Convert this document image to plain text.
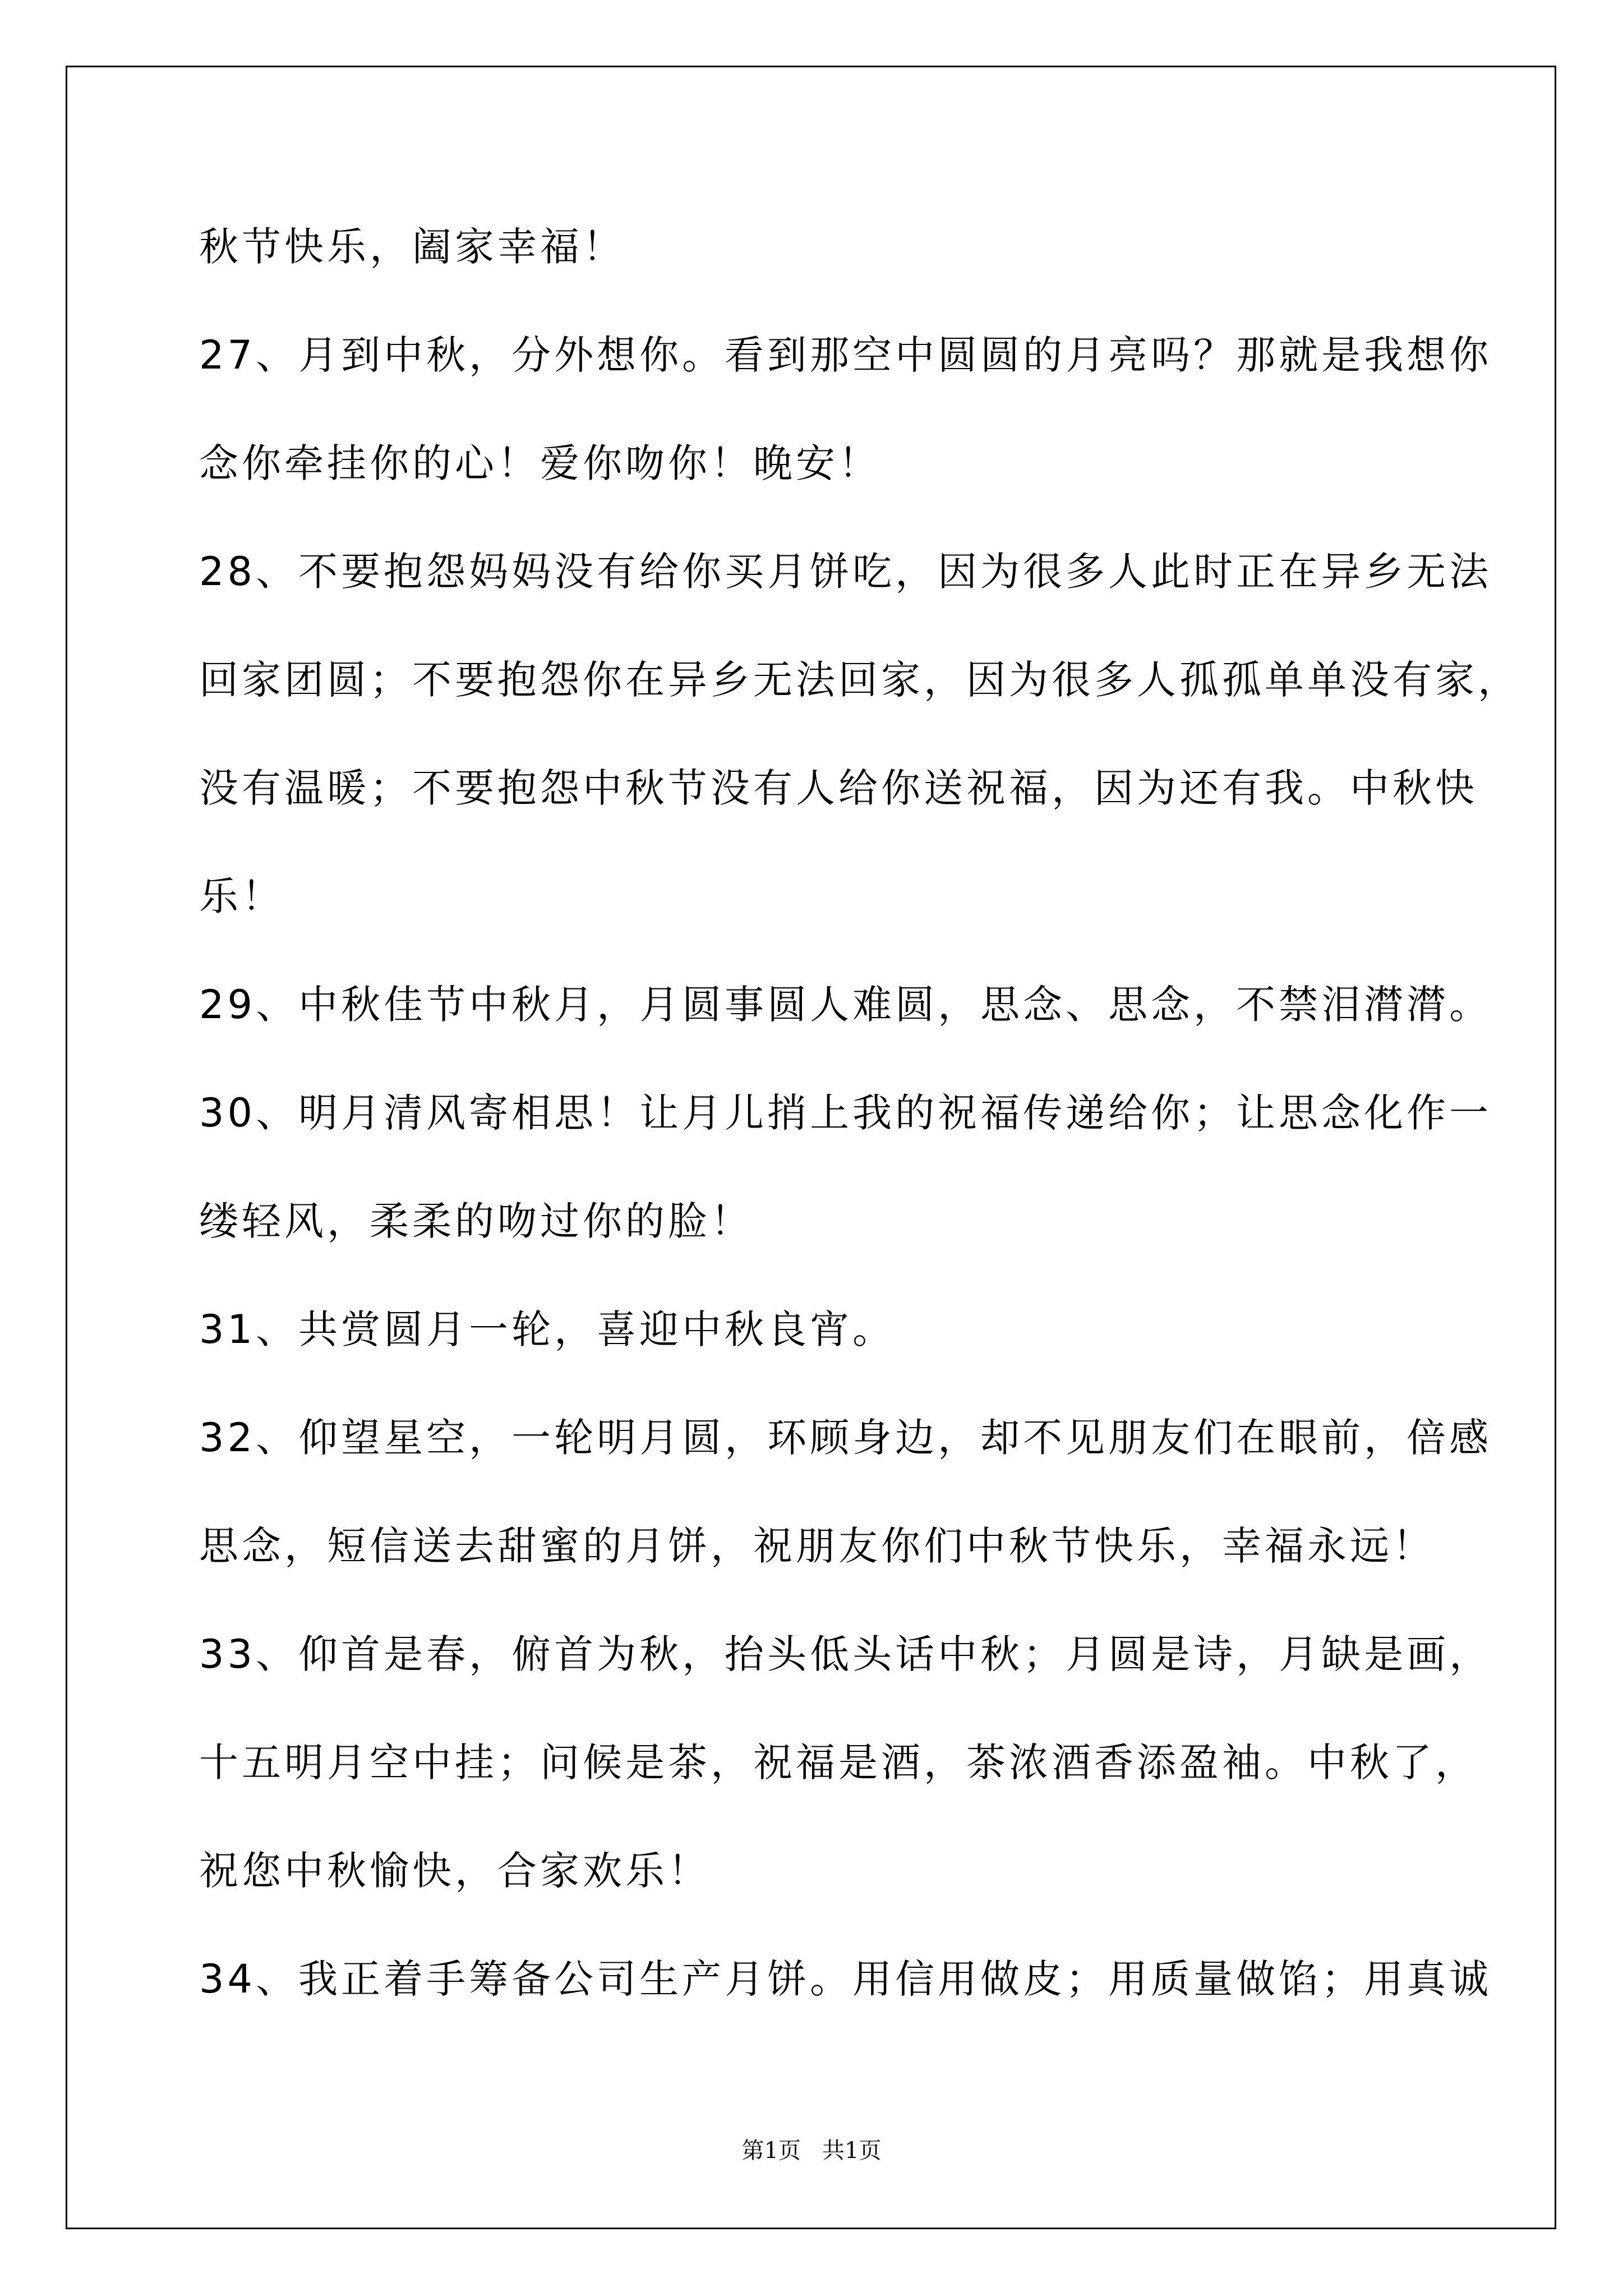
秋节快乐，阖家幸福！
27、月到中秋，分外想你。看到那空中圆圆的月亮吗？那就是我想你
念你牵挂你的心！爱你吻你！晚安！
28、不要抱怨妈妈没有给你买月饼吃，因为很多人此时正在异乡无法
回家团圆；不要抱怨你在异乡无法回家，因为很多人孤孤单单没有家，
没有温暖；不要抱怨中秋节没有人给你送祝福，因为还有我。中秋快
乐！
29、中秋佳节中秋月，月圆事圆人难圆，思念、思念，不禁泪潸潸。
30、明月清风寄相思！让月儿捎上我的祝福传递给你；让思念化作一
缕轻风，柔柔的吻过你的脸！
31、共赏圆月一轮，喜迎中秋良宵。
32、仰望星空，一轮明月圆，环顾身边，却不见朋友们在眼前，倍感
思念，短信送去甜蜜的月饼，祝朋友你们中秋节快乐，幸福永远！
33、仰首是春，俯首为秋，抬头低头话中秋；月圆是诗，月缺是画，
十五明月空中挂；问候是茶，祝福是酒，茶浓酒香添盈袖。中秋了，
祝您中秋愉快，合家欢乐！
34、我正着手筹备公司生产月饼。用信用做皮；用质量做馅；用真诚
第1页   共1页
